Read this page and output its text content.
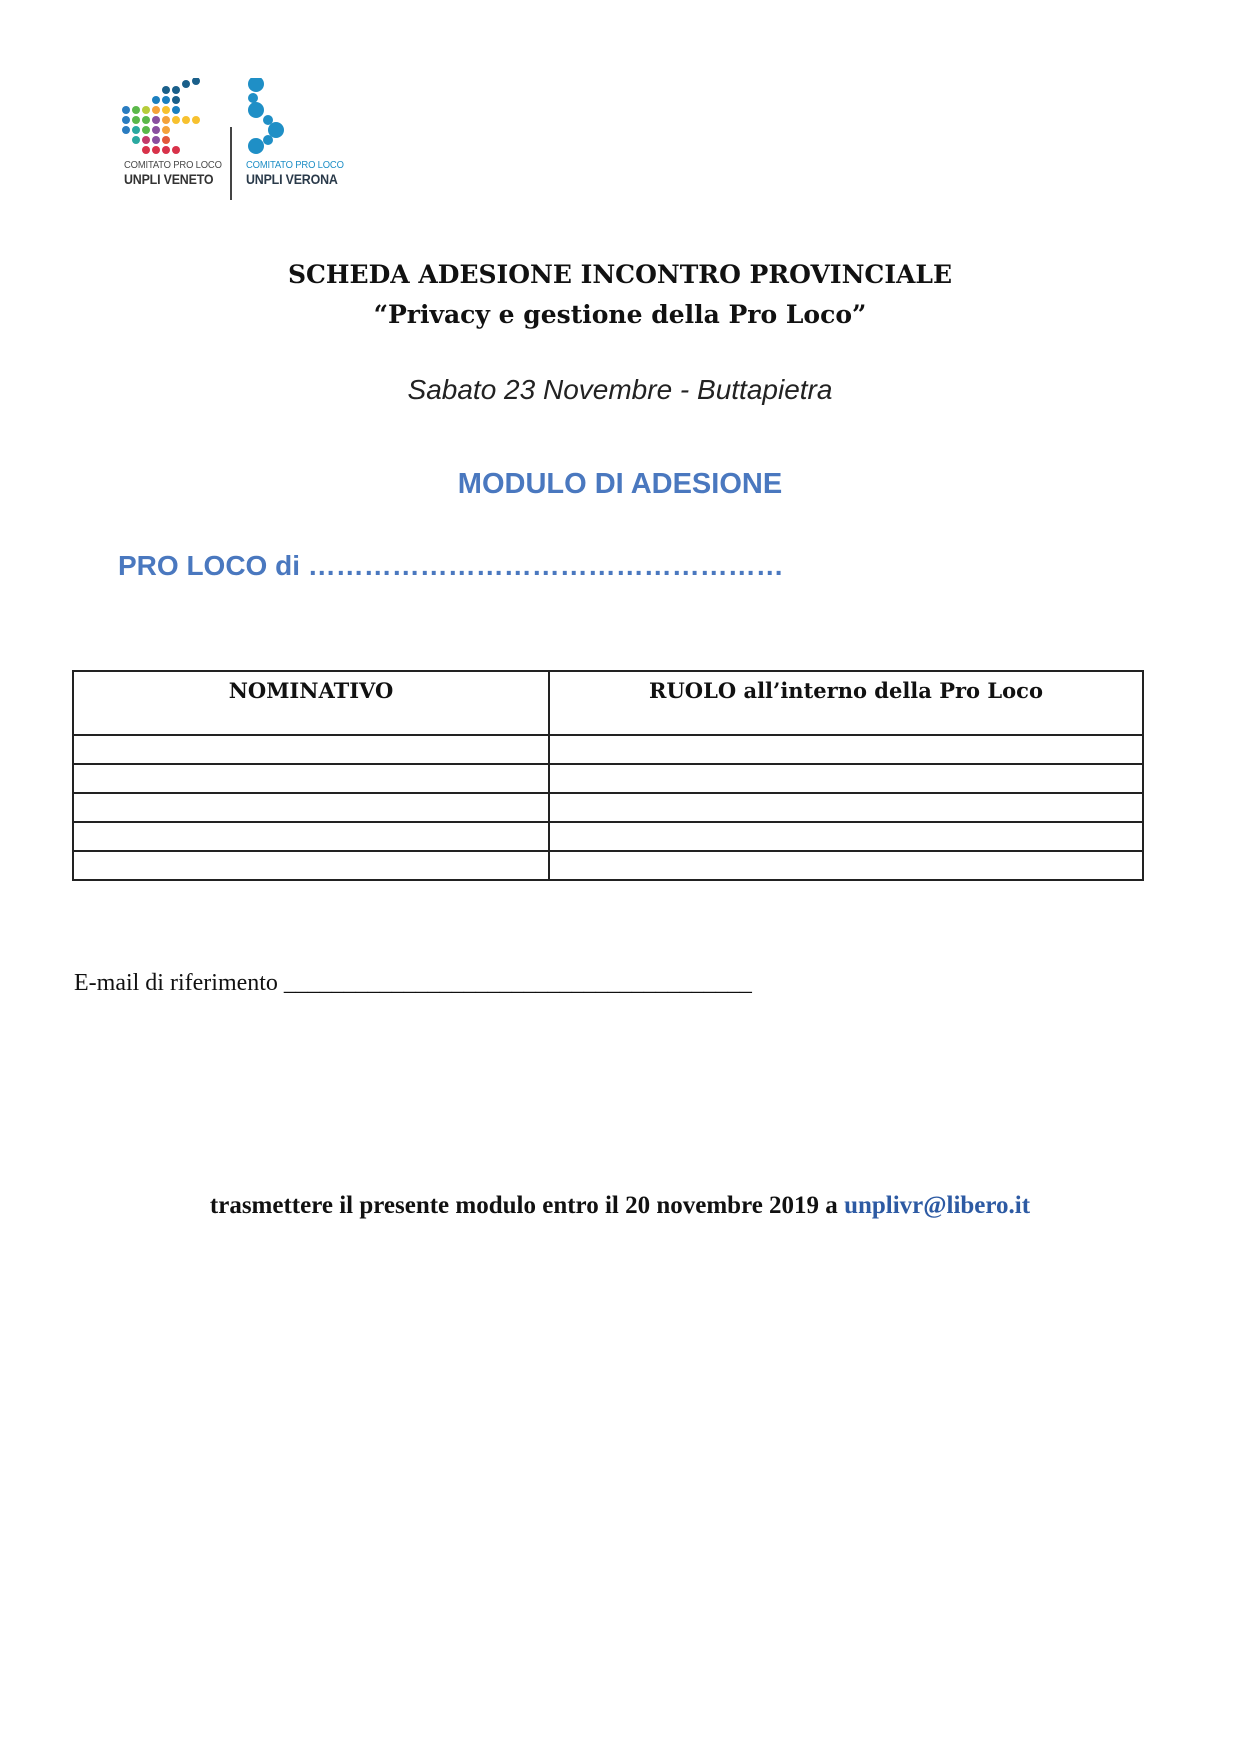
COMITATO PRO LOCO
UNPLI VENETO
COMITATO PRO LOCO
UNPLI VERONA
SCHEDA ADESIONE INCONTRO PROVINCIALE
“Privacy e gestione della Pro Loco”
Sabato 23 Novembre - Buttapietra
MODULO DI ADESIONE
PRO LOCO di ……………………………………………
NOMINATIVO	RUOLO all’interno della Pro Loco

E-mail di riferimento _______________________________________
trasmettere il presente modulo entro il 20 novembre 2019 a unplivr@libero.it
